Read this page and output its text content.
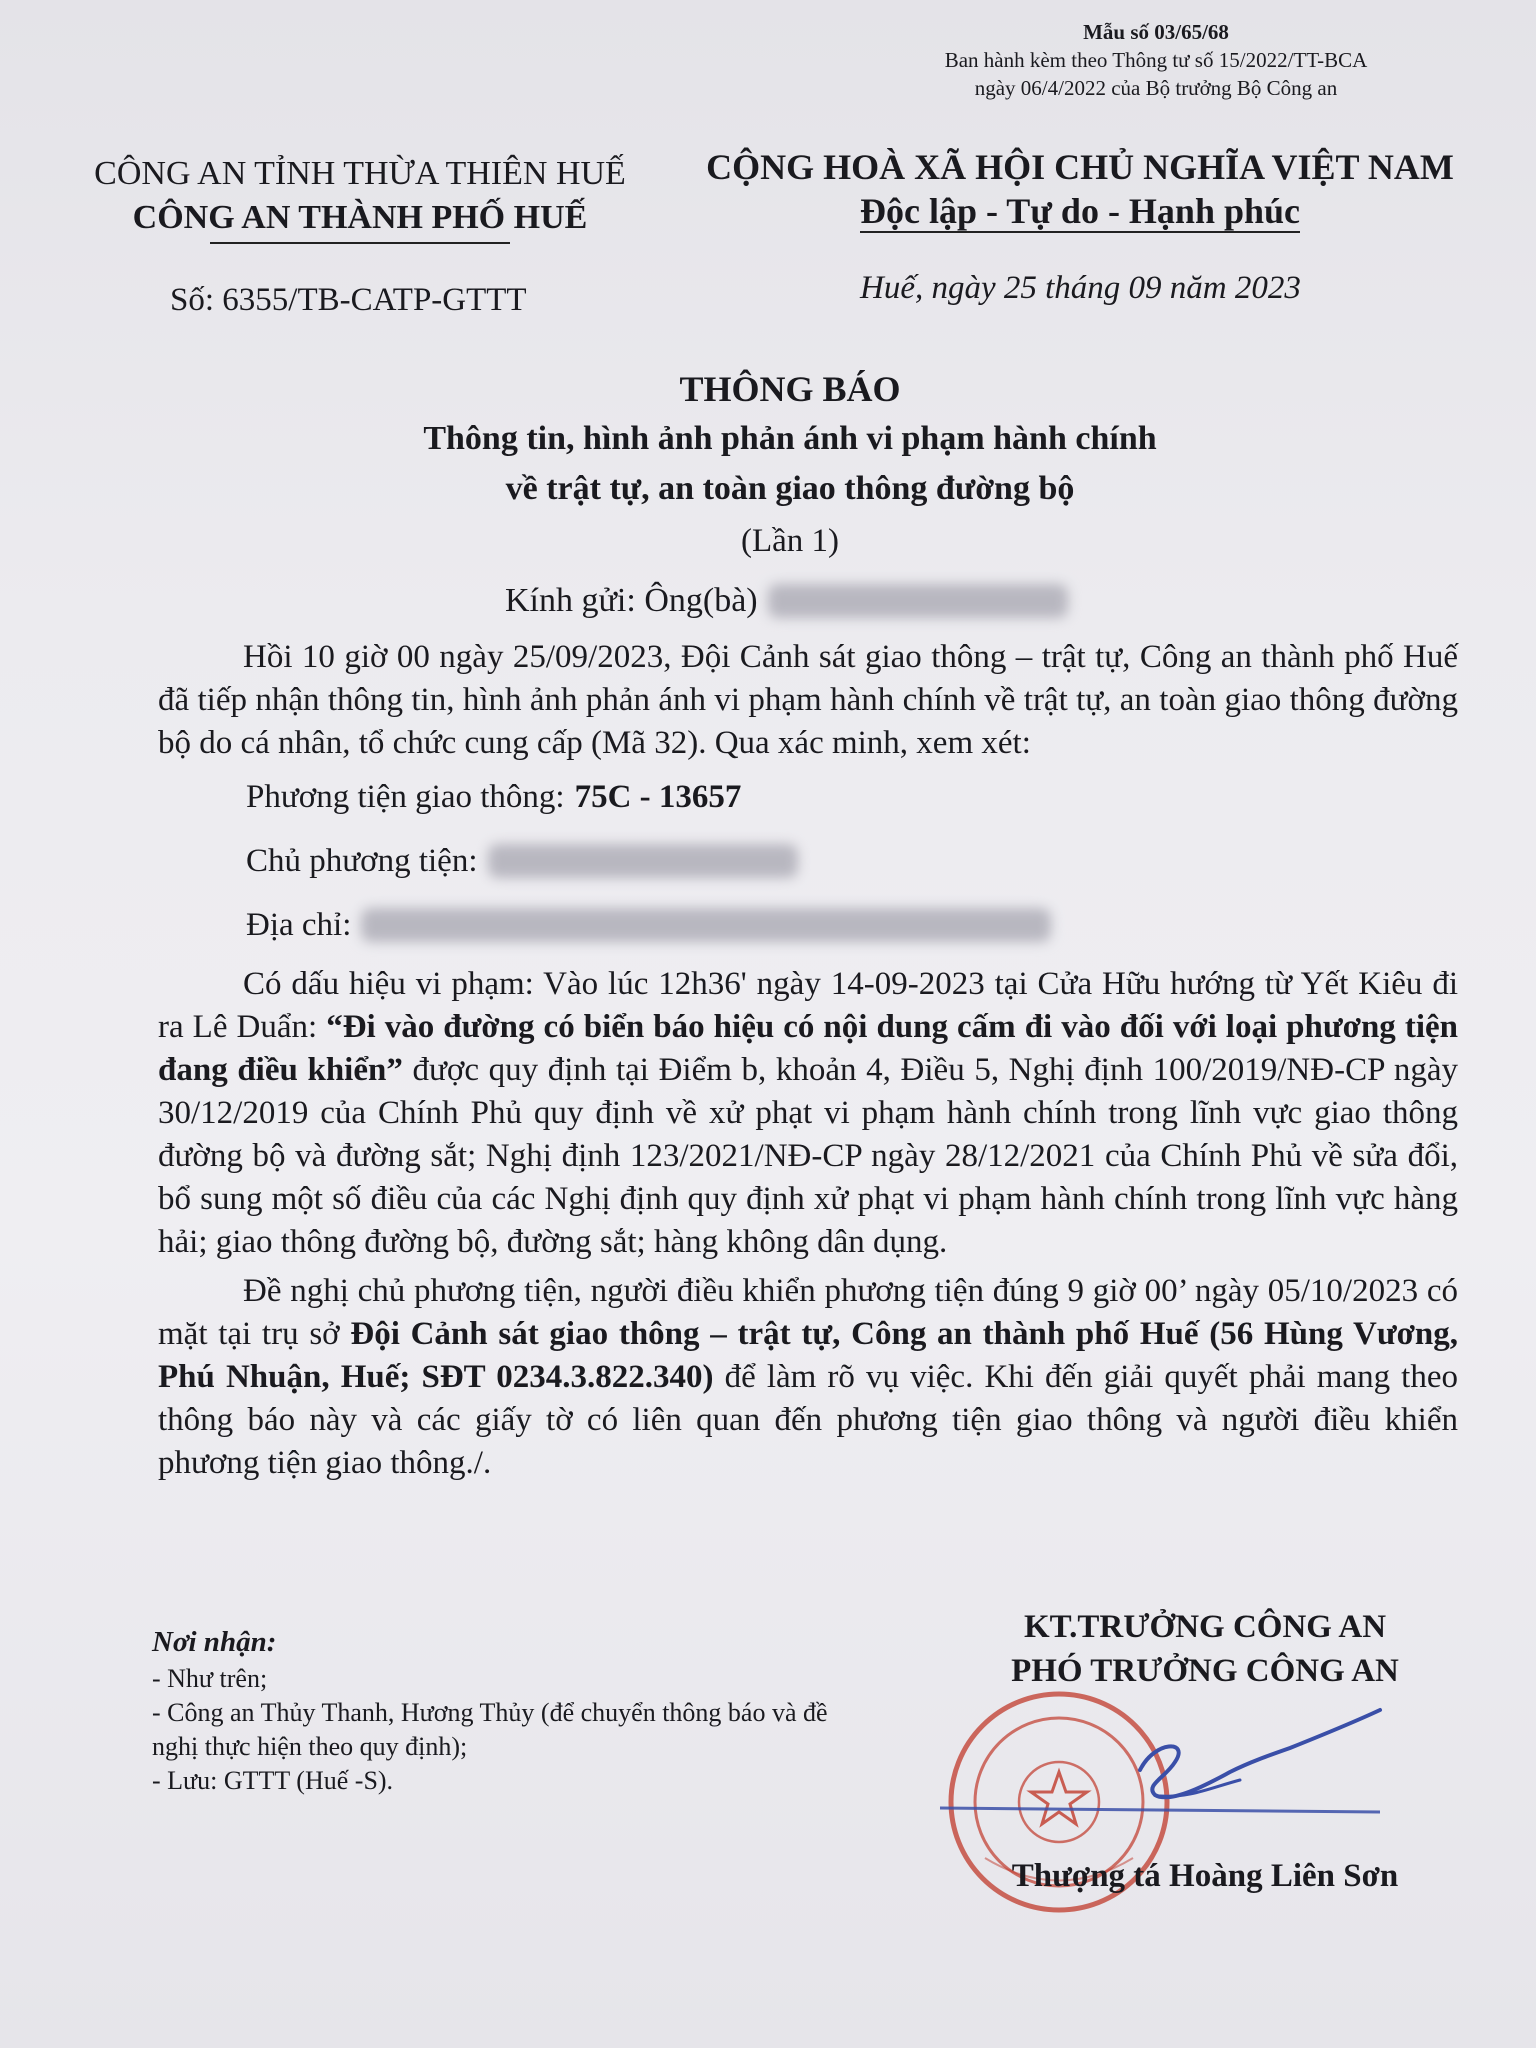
Mẫu số 03/65/68
Ban hành kèm theo Thông tư số 15/2022/TT-BCA
ngày 06/4/2022 của Bộ trưởng Bộ Công an
CÔNG AN TỈNH THỪA THIÊN HUẾ
CÔNG AN THÀNH PHỐ HUẾ
CỘNG HOÀ XÃ HỘI CHỦ NGHĨA VIỆT NAM
Độc lập - Tự do - Hạnh phúc
Số: 6355/TB-CATP-GTTT	Huế, ngày 25 tháng 09 năm 2023
THÔNG BÁO
Thông tin, hình ảnh phản ánh vi phạm hành chính
về trật tự, an toàn giao thông đường bộ
(Lần 1)
Kính gửi: Ông(bà)

Hồi 10 giờ 00 ngày 25/09/2023, Đội Cảnh sát giao thông – trật tự, Công an thành phố Huế đã tiếp nhận thông tin, hình ảnh phản ánh vi phạm hành chính về trật tự, an toàn giao thông đường bộ do cá nhân, tổ chức cung cấp (Mã 32). Qua xác minh, xem xét:

Phương tiện giao thông: 75C - 13657

Chủ phương tiện:

Địa chỉ:

Có dấu hiệu vi phạm: Vào lúc 12h36' ngày 14-09-2023 tại Cửa Hữu hướng từ Yết Kiêu đi ra Lê Duẩn: “Đi vào đường có biển báo hiệu có nội dung cấm đi vào đối với loại phương tiện đang điều khiển” được quy định tại Điểm b, khoản 4, Điều 5, Nghị định 100/2019/NĐ-CP ngày 30/12/2019 của Chính Phủ quy định về xử phạt vi phạm hành chính trong lĩnh vực giao thông đường bộ và đường sắt; Nghị định 123/2021/NĐ-CP ngày 28/12/2021 của Chính Phủ về sửa đổi, bổ sung một số điều của các Nghị định quy định xử phạt vi phạm hành chính trong lĩnh vực hàng hải; giao thông đường bộ, đường sắt; hàng không dân dụng.

Đề nghị chủ phương tiện, người điều khiển phương tiện đúng 9 giờ 00’ ngày 05/10/2023 có mặt tại trụ sở Đội Cảnh sát giao thông – trật tự, Công an thành phố Huế (56 Hùng Vương, Phú Nhuận, Huế; SĐT 0234.3.822.340) để làm rõ vụ việc. Khi đến giải quyết phải mang theo thông báo này và các giấy tờ có liên quan đến phương tiện giao thông và người điều khiển phương tiện giao thông./.

Nơi nhận:
- Như trên;
- Công an Thủy Thanh, Hương Thủy (để chuyển thông báo và đề nghị thực hiện theo quy định);
- Lưu: GTTT (Huế -S).
KT.TRƯỞNG CÔNG AN
PHÓ TRƯỞNG CÔNG AN
Thượng tá Hoàng Liên Sơn
